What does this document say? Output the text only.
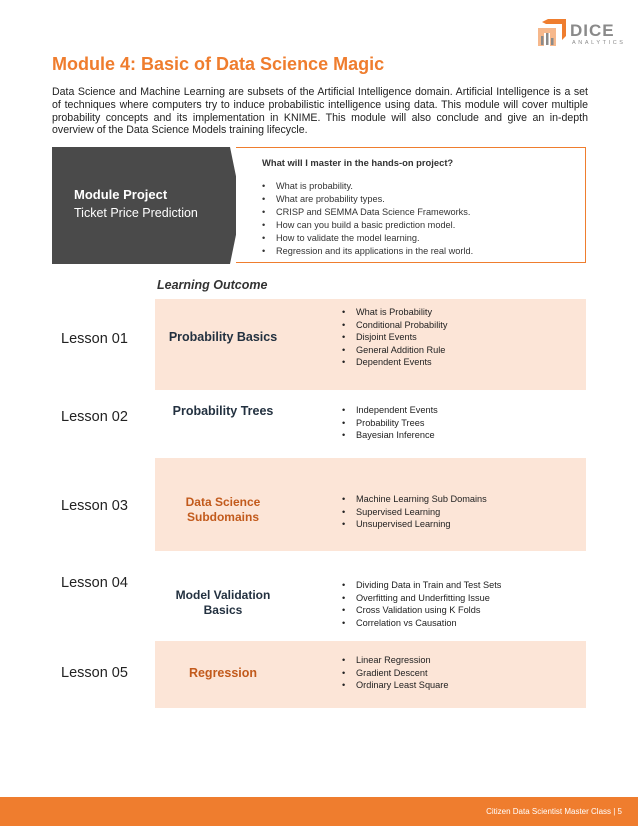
DICE
ANALYTICS
Module 4: Basic of Data Science Magic
Data Science and Machine Learning are subsets of the Artificial Intelligence domain. Artificial Intelligence is a set of techniques where computers try to induce probabilistic intelligence using data. This module will cover multiple probability concepts and its implementation in KNIME. This module will also conclude and give an in-depth overview of the Data Science Models training lifecycle.
Module Project
Ticket Price Prediction
What will I master in the hands-on project?
• What is probability.
• What are probability types.
• CRISP and SEMMA Data Science Frameworks.
• How can you build a basic prediction model.
• How to validate the model learning.
• Regression and its applications in the real world.
Learning Outcome
Lesson 01	Probability Basics
• What is Probability
• Conditional Probability
• Disjoint Events
• General Addition Rule
• Dependent Events
Lesson 02	Probability Trees
•	Independent Events
• Probability Trees
• Bayesian Inference
Lesson 03	Data Science Subdomains
• Machine Learning Sub Domains
• Supervised Learning
• Unsupervised Learning
Lesson 04
Model Validation Basics
• Dividing Data in Train and Test Sets
• Overfitting and Underfitting Issue
• Cross Validation using K Folds
• Correlation vs Causation
Lesson 05	Regression
• Linear Regression
• Gradient Descent
• Ordinary Least Square
Citizen Data Scientist Master Class | 5
